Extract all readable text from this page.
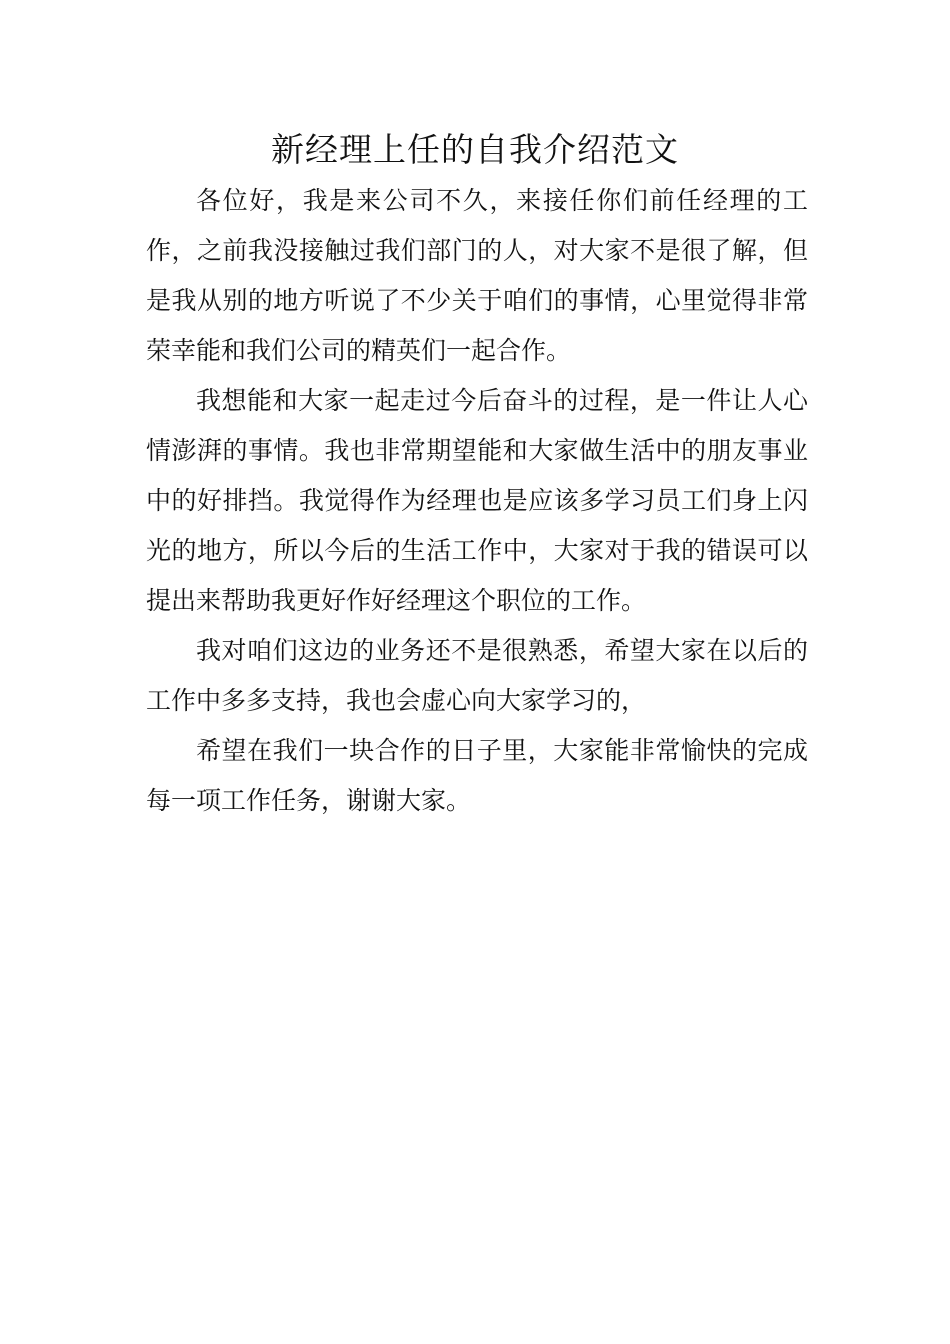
新经理上任的自我介绍范文

各位好，我是来公司不久，来接任你们前任经理的工作，之前我没接触过我们部门的人，对大家不是很了解，但是我从别的地方听说了不少关于咱们的事情，心里觉得非常荣幸能和我们公司的精英们一起合作。

我想能和大家一起走过今后奋斗的过程，是一件让人心情澎湃的事情。我也非常期望能和大家做生活中的朋友事业中的好排挡。我觉得作为经理也是应该多学习员工们身上闪光的地方，所以今后的生活工作中，大家对于我的错误可以提出来帮助我更好作好经理这个职位的工作。

我对咱们这边的业务还不是很熟悉，希望大家在以后的工作中多多支持，我也会虚心向大家学习的，

希望在我们一块合作的日子里，大家能非常愉快的完成每一项工作任务，谢谢大家。
